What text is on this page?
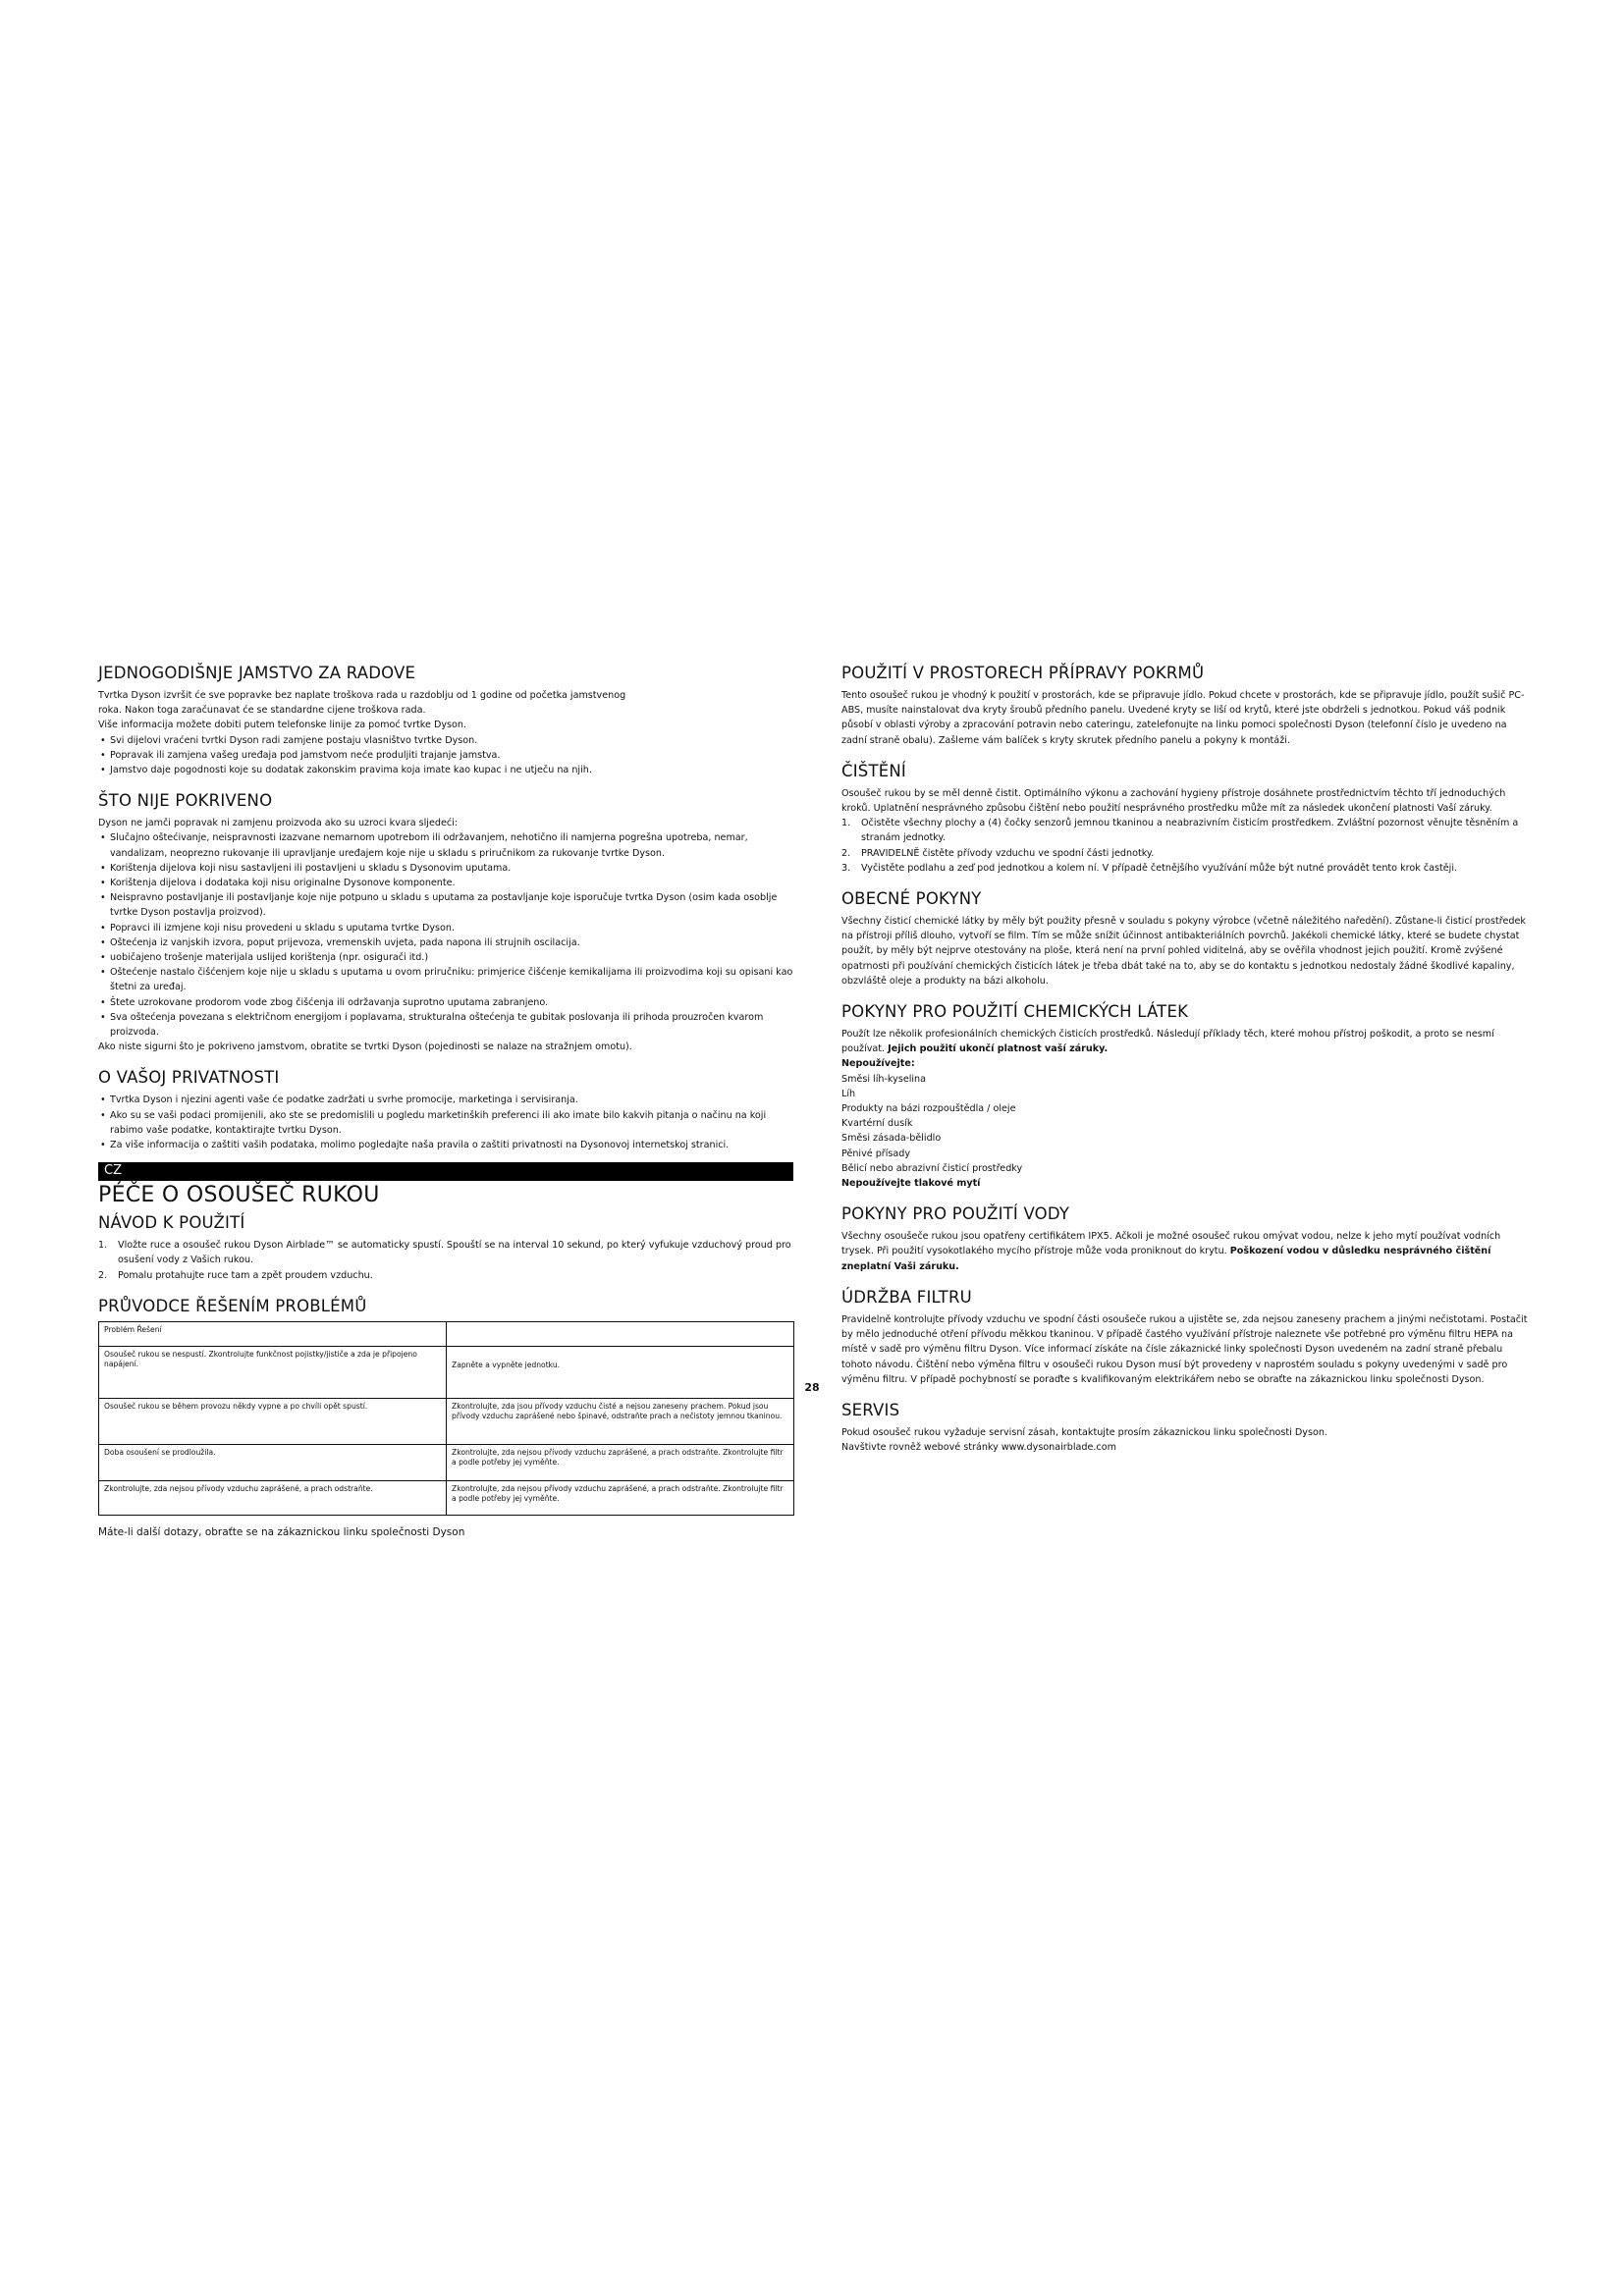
JEDNOGODIŠNJE JAMSTVO ZA RADOVE

Tvrtka Dyson izvršit će sve popravke bez naplate troškova rada u razdoblju od 1 godine od početka jamstvenog

roka. Nakon toga zaračunavat će se standardne cijene troškova rada.

Više informacija možete dobiti putem telefonske linije za pomoć tvrtke Dyson.

• Svi dijelovi vraćeni tvrtki Dyson radi zamjene postaju vlasništvo tvrtke Dyson.
• Popravak ili zamjena vašeg uređaja pod jamstvom neće produljiti trajanje jamstva.
• Jamstvo daje pogodnosti koje su dodatak zakonskim pravima koja imate kao kupac i ne utječu na njih.
ŠTO NIJE POKRIVENO

Dyson ne jamči popravak ni zamjenu proizvoda ako su uzroci kvara sljedeći:

• Slučajno oštećivanje, neispravnosti izazvane nemarnom upotrebom ili održavanjem, nehotično ili namjerna pogrešna upotreba, nemar, vandalizam, neoprezno rukovanje ili upravljanje uređajem koje nije u skladu s priručnikom za rukovanje tvrtke Dyson.
• Korištenja dijelova koji nisu sastavljeni ili postavljeni u skladu s Dysonovim uputama.
• Korištenja dijelova i dodataka koji nisu originalne Dysonove komponente.
• Neispravno postavljanje ili postavljanje koje nije potpuno u skladu s uputama za postavljanje koje isporučuje tvrtka Dyson (osim kada osoblje tvrtke Dyson postavlja proizvod).
• Popravci ili izmjene koji nisu provedeni u skladu s uputama tvrtke Dyson.
• Oštećenja iz vanjskih izvora, poput prijevoza, vremenskih uvjeta, pada napona ili strujnih oscilacija.
• uobičajeno trošenje materijala uslijed korištenja (npr. osigurači itd.)
• Oštećenje nastalo čišćenjem koje nije u skladu s uputama u ovom priručniku: primjerice čišćenje kemikalijama ili proizvodima koji su opisani kao štetni za uređaj.
• Štete uzrokovane prodorom vode zbog čišćenja ili održavanja suprotno uputama zabranjeno.
• Sva oštećenja povezana s električnom energijom i poplavama, strukturalna oštećenja te gubitak poslovanja ili prihoda prouzročen kvarom proizvoda.

Ako niste sigurni što je pokriveno jamstvom, obratite se tvrtki Dyson (pojedinosti se nalaze na stražnjem omotu).

O VAŠOJ PRIVATNOSTI
• Tvrtka Dyson i njezini agenti vaše će podatke zadržati u svrhe promocije, marketinga i servisiranja.
• Ako su se vaši podaci promijenili, ako ste se predomislili u pogledu marketinških preferenci ili ako imate bilo kakvih pitanja o načinu na koji rabimo vaše podatke, kontaktirajte tvrtku Dyson.
• Za više informacija o zaštiti vaših podataka, molimo pogledajte naša pravila o zaštiti privatnosti na Dysonovoj internetskoj stranici.
CZ
PÉČE O OSOUŠEČ RUKOU
NÁVOD K POUŽITÍ
1. Vložte ruce a osoušeč rukou Dyson Airblade™ se automaticky spustí. Spouští se na interval 10 sekund, po který vyfukuje vzduchový proud pro osušení vody z Vašich rukou.
2. Pomalu protahujte ruce tam a zpět proudem vzduchu.
PRŮVODCE ŘEŠENÍM PROBLÉMŮ
Problém Řešení	
Osoušeč rukou se nespustí. Zkontrolujte funkčnost pojistky/jističe a zda je připojeno napájení.	Zapněte a vypněte jednotku.
Osoušeč rukou se během provozu někdy vypne a po chvíli opět spustí.	Zkontrolujte, zda jsou přívody vzduchu čisté a nejsou zaneseny prachem. Pokud jsou přívody vzduchu zaprášené nebo špinavé, odstraňte prach a nečistoty jemnou tkaninou.
Doba osoušení se prodloužila.	Zkontrolujte, zda nejsou přívody vzduchu zaprášené, a prach odstraňte. Zkontrolujte filtr a podle potřeby jej vyměňte.
Zkontrolujte, zda nejsou přívody vzduchu zaprášené, a prach odstraňte.	Zkontrolujte, zda nejsou přívody vzduchu zaprášené, a prach odstraňte. Zkontrolujte filtr a podle potřeby jej vyměňte.

Máte-li další dotazy, obraťte se na zákaznickou linku společnosti Dyson

POUŽITÍ V PROSTORECH PŘÍPRAVY POKRMŮ

Tento osoušeč rukou je vhodný k použití v prostorách, kde se připravuje jídlo. Pokud chcete v prostorách, kde se připravuje jídlo, použít sušič PC-ABS, musíte nainstalovat dva kryty šroubů předního panelu. Uvedené kryty se liší od krytů, které jste obdrželi s jednotkou. Pokud váš podnik působí v oblasti výroby a zpracování potravin nebo cateringu, zatelefonujte na linku pomoci společnosti Dyson (telefonní číslo je uvedeno na zadní straně obalu). Zašleme vám balíček s kryty skrutek předního panelu a pokyny k montáži.

ČIŠTĚNÍ

Osoušeč rukou by se měl denně čistit. Optimálního výkonu a zachování hygieny přístroje dosáhnete prostřednictvím těchto tří jednoduchých kroků. Uplatnění nesprávného způsobu čištění nebo použití nesprávného prostředku může mít za následek ukončení platnosti Vaší záruky.

1. Očistěte všechny plochy a (4) čočky senzorů jemnou tkaninou a neabrazivním čisticím prostředkem. Zvláštní pozornost věnujte těsněním a stranám jednotky.
2. PRAVIDELNĚ čistěte přívody vzduchu ve spodní části jednotky.
3. Vyčistěte podlahu a zeď pod jednotkou a kolem ní. V případě četnějšího využívání může být nutné provádět tento krok častěji.
OBECNÉ POKYNY

Všechny čisticí chemické látky by měly být použity přesně v souladu s pokyny výrobce (včetně náležitého naředění). Zůstane-li čisticí prostředek na přístroji příliš dlouho, vytvoří se film. Tím se může snížit účinnost antibakteriálních povrchů. Jakékoli chemické látky, které se budete chystat použít, by měly být nejprve otestovány na ploše, která není na první pohled viditelná, aby se ověřila vhodnost jejich použití. Kromě zvýšené opatrnosti při používání chemických čisticích látek je třeba dbát také na to, aby se do kontaktu s jednotkou nedostaly žádné škodlivé kapaliny, obzvláště oleje a produkty na bázi alkoholu.

POKYNY PRO POUŽITÍ CHEMICKÝCH LÁTEK

Použít lze několik profesionálních chemických čisticích prostředků. Následují příklady těch, které mohou přístroj poškodit, a proto se nesmí používat. Jejich použití ukončí platnost vaší záruky.

Nepoužívejte:

Směsi líh-kyselina

Líh

Produkty na bázi rozpouštědla / oleje

Kvartérní dusík

Směsi zásada-bělidlo

Pěnivé přísady

Bělicí nebo abrazivní čisticí prostředky

Nepoužívejte tlakové mytí

POKYNY PRO POUŽITÍ VODY

Všechny osoušeče rukou jsou opatřeny certifikátem IPX5. Ačkoli je možné osoušeč rukou omývat vodou, nelze k jeho mytí používat vodních trysek. Při použití vysokotlakého mycího přístroje může voda proniknout do krytu. Poškození vodou v důsledku nesprávného čištění zneplatní Vaši záruku.

ÚDRŽBA FILTRU

Pravidelně kontrolujte přívody vzduchu ve spodní části osoušeče rukou a ujistěte se, zda nejsou zaneseny prachem a jinými nečistotami. Postačit by mělo jednoduché otření přívodu měkkou tkaninou. V případě častého využívání přístroje naleznete vše potřebné pro výměnu filtru HEPA na místě v sadě pro výměnu filtru Dyson. Více informací získáte na čísle zákaznické linky společnosti Dyson uvedeném na zadní straně přebalu tohoto návodu. Čištění nebo výměna filtru v osoušeči rukou Dyson musí být provedeny v naprostém souladu s pokyny uvedenými v sadě pro výměnu filtru. V případě pochybností se poraďte s kvalifikovaným elektrikářem nebo se obraťte na zákaznickou linku společnosti Dyson.

SERVIS

Pokud osoušeč rukou vyžaduje servisní zásah, kontaktujte prosím zákaznickou linku společnosti Dyson.

Navštivte rovněž webové stránky www.dysonairblade.com

28
